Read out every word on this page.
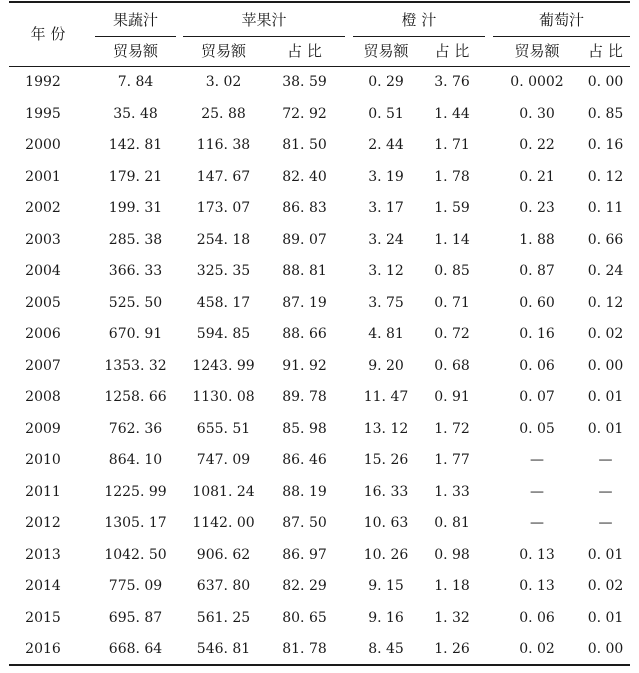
年 份
果蔬汁	苹果汁	橙 汁	葡萄汁
贸易额	贸易额	占 比	贸易额	占 比	贸易额	占 比
1992	7. 84	3. 02	38. 59	0. 29	3. 76	0. 0002	0. 00
1995	35. 48	25. 88	72. 92	0. 51	1. 44	0. 30	0. 85
2000	142. 81	116. 38	81. 50	2. 44	1. 71	0. 22	0. 16
2001	179. 21	147. 67	82. 40	3. 19	1. 78	0. 21	0. 12
2002	199. 31	173. 07	86. 83	3. 17	1. 59	0. 23	0. 11
2003	285. 38	254. 18	89. 07	3. 24	1. 14	1. 88	0. 66
2004	366. 33	325. 35	88. 81	3. 12	0. 85	0. 87	0. 24
2005	525. 50	458. 17	87. 19	3. 75	0. 71	0. 60	0. 12
2006	670. 91	594. 85	88. 66	4. 81	0. 72	0. 16	0. 02
2007	1353. 32	1243. 99	91. 92	9. 20	0. 68	0. 06	0. 00
2008	1258. 66	1130. 08	89. 78	11. 47	0. 91	0. 07	0. 01
2009	762. 36	655. 51	85. 98	13. 12	1. 72	0. 05	0. 01
2010	864. 10	747. 09	86. 46	15. 26	1. 77	—	—
2011	1225. 99	1081. 24	88. 19	16. 33	1. 33	—	—
2012	1305. 17	1142. 00	87. 50	10. 63	0. 81	—	—
2013	1042. 50	906. 62	86. 97	10. 26	0. 98	0. 13	0. 01
2014	775. 09	637. 80	82. 29	9. 15	1. 18	0. 13	0. 02
2015	695. 87	561. 25	80. 65	9. 16	1. 32	0. 06	0. 01
2016	668. 64	546. 81	81. 78	8. 45	1. 26	0. 02	0. 00
